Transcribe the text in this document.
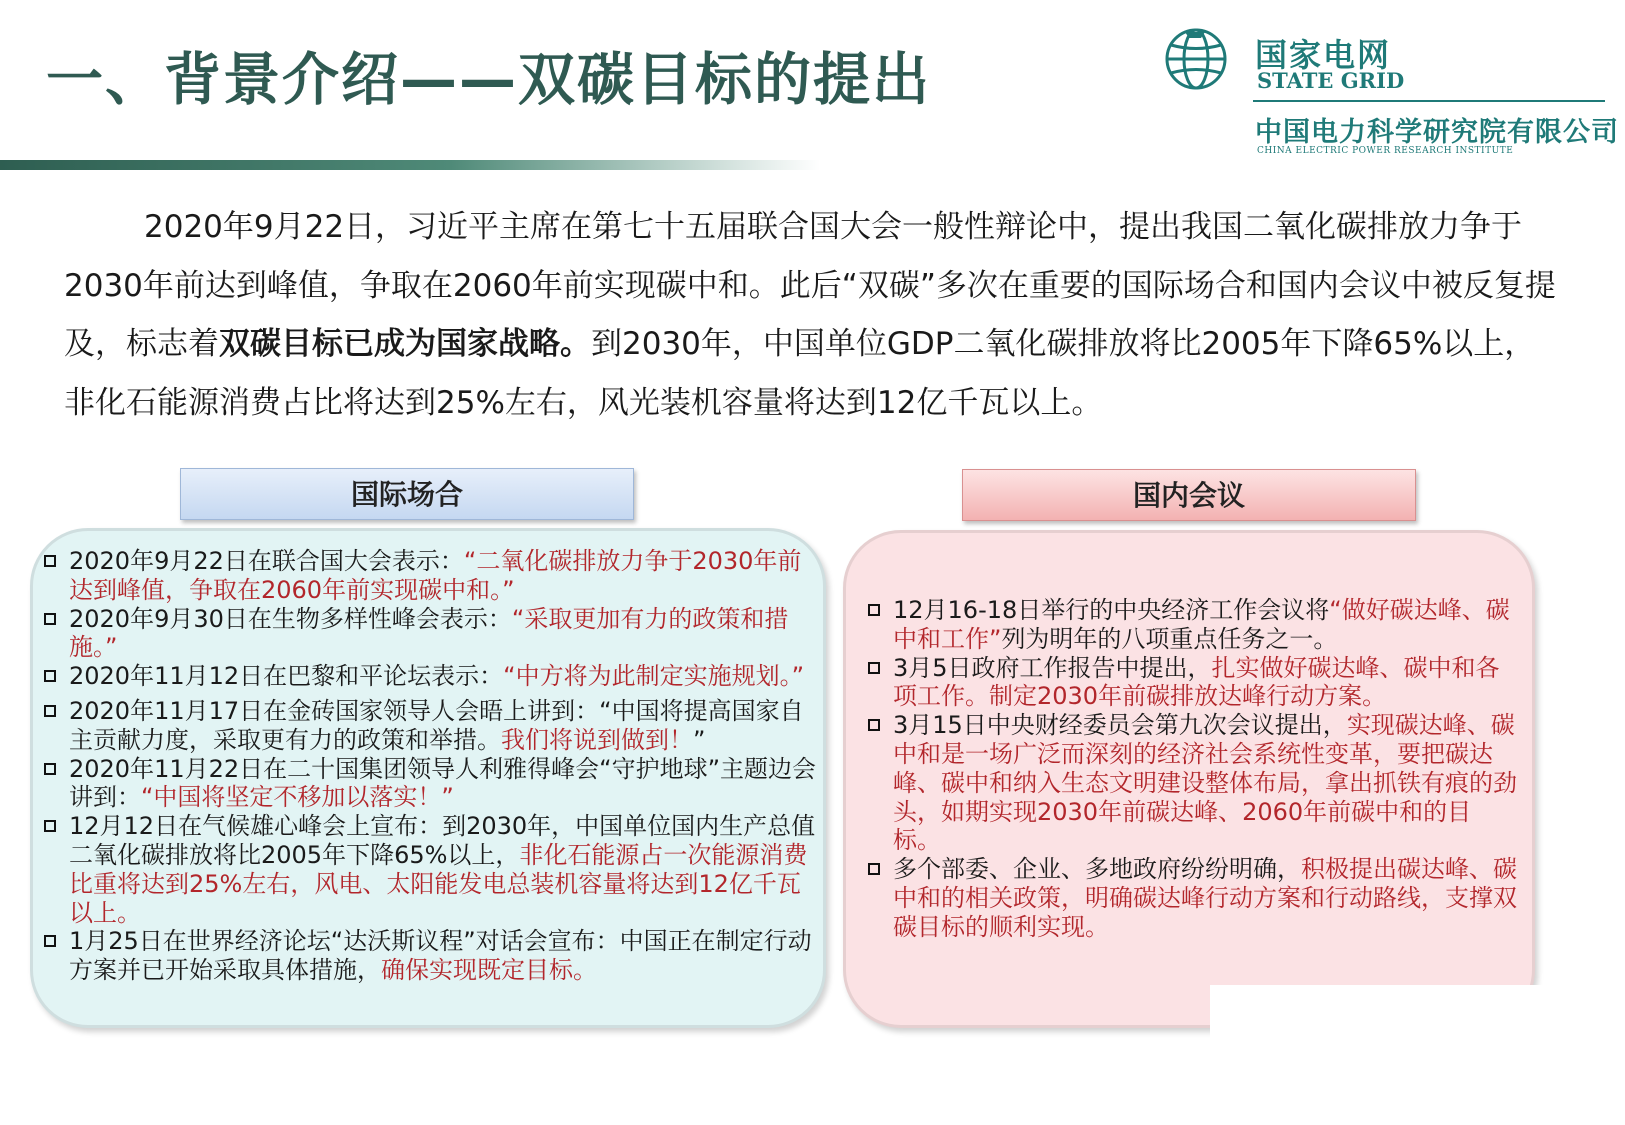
一、背景介绍——双碳目标的提出	国家电网
STATE GRID
中国电力科学研究院有限公司
CHINA ELECTRIC POWER RESEARCH INSTITUTE

2020年9月22日，习近平主席在第七十五届联合国大会一般性辩论中，提出我国二氧化碳排放力争于2030年前达到峰值，争取在2060年前实现碳中和。此后“双碳”多次在重要的国际场合和国内会议中被反复提及，标志着双碳目标已成为国家战略。到2030年，中国单位GDP二氧化碳排放将比2005年下降65%以上，非化石能源消费占比将达到25%左右，风光装机容量将达到12亿千瓦以上。

国际场合	国内会议
2020年9月22日在联合国大会表示：“二氧化碳排放力争于2030年前达到峰值，争取在2060年前实现碳中和。”
2020年9月30日在生物多样性峰会表示：“采取更加有力的政策和措施。”
2020年11月12日在巴黎和平论坛表示：“中方将为此制定实施规划。”
2020年11月17日在金砖国家领导人会晤上讲到：“中国将提高国家自主贡献力度，采取更有力的政策和举措。我们将说到做到！”
2020年11月22日在二十国集团领导人利雅得峰会“守护地球”主题边会讲到：“中国将坚定不移加以落实！”
12月12日在气候雄心峰会上宣布：到2030年，中国单位国内生产总值二氧化碳排放将比2005年下降65%以上，非化石能源占一次能源消费比重将达到25%左右，风电、太阳能发电总装机容量将达到12亿千瓦以上。
1月25日在世界经济论坛“达沃斯议程”对话会宣布：中国正在制定行动方案并已开始采取具体措施，确保实现既定目标。
12月16-18日举行的中央经济工作会议将“做好碳达峰、碳中和工作”列为明年的八项重点任务之一。
3月5日政府工作报告中提出，扎实做好碳达峰、碳中和各项工作。制定2030年前碳排放达峰行动方案。
3月15日中央财经委员会第九次会议提出，实现碳达峰、碳中和是一场广泛而深刻的经济社会系统性变革，要把碳达峰、碳中和纳入生态文明建设整体布局，拿出抓铁有痕的劲头，如期实现2030年前碳达峰、2060年前碳中和的目标。
多个部委、企业、多地政府纷纷明确，积极提出碳达峰、碳中和的相关政策，明确碳达峰行动方案和行动路线，支撑双碳目标的顺利实现。
